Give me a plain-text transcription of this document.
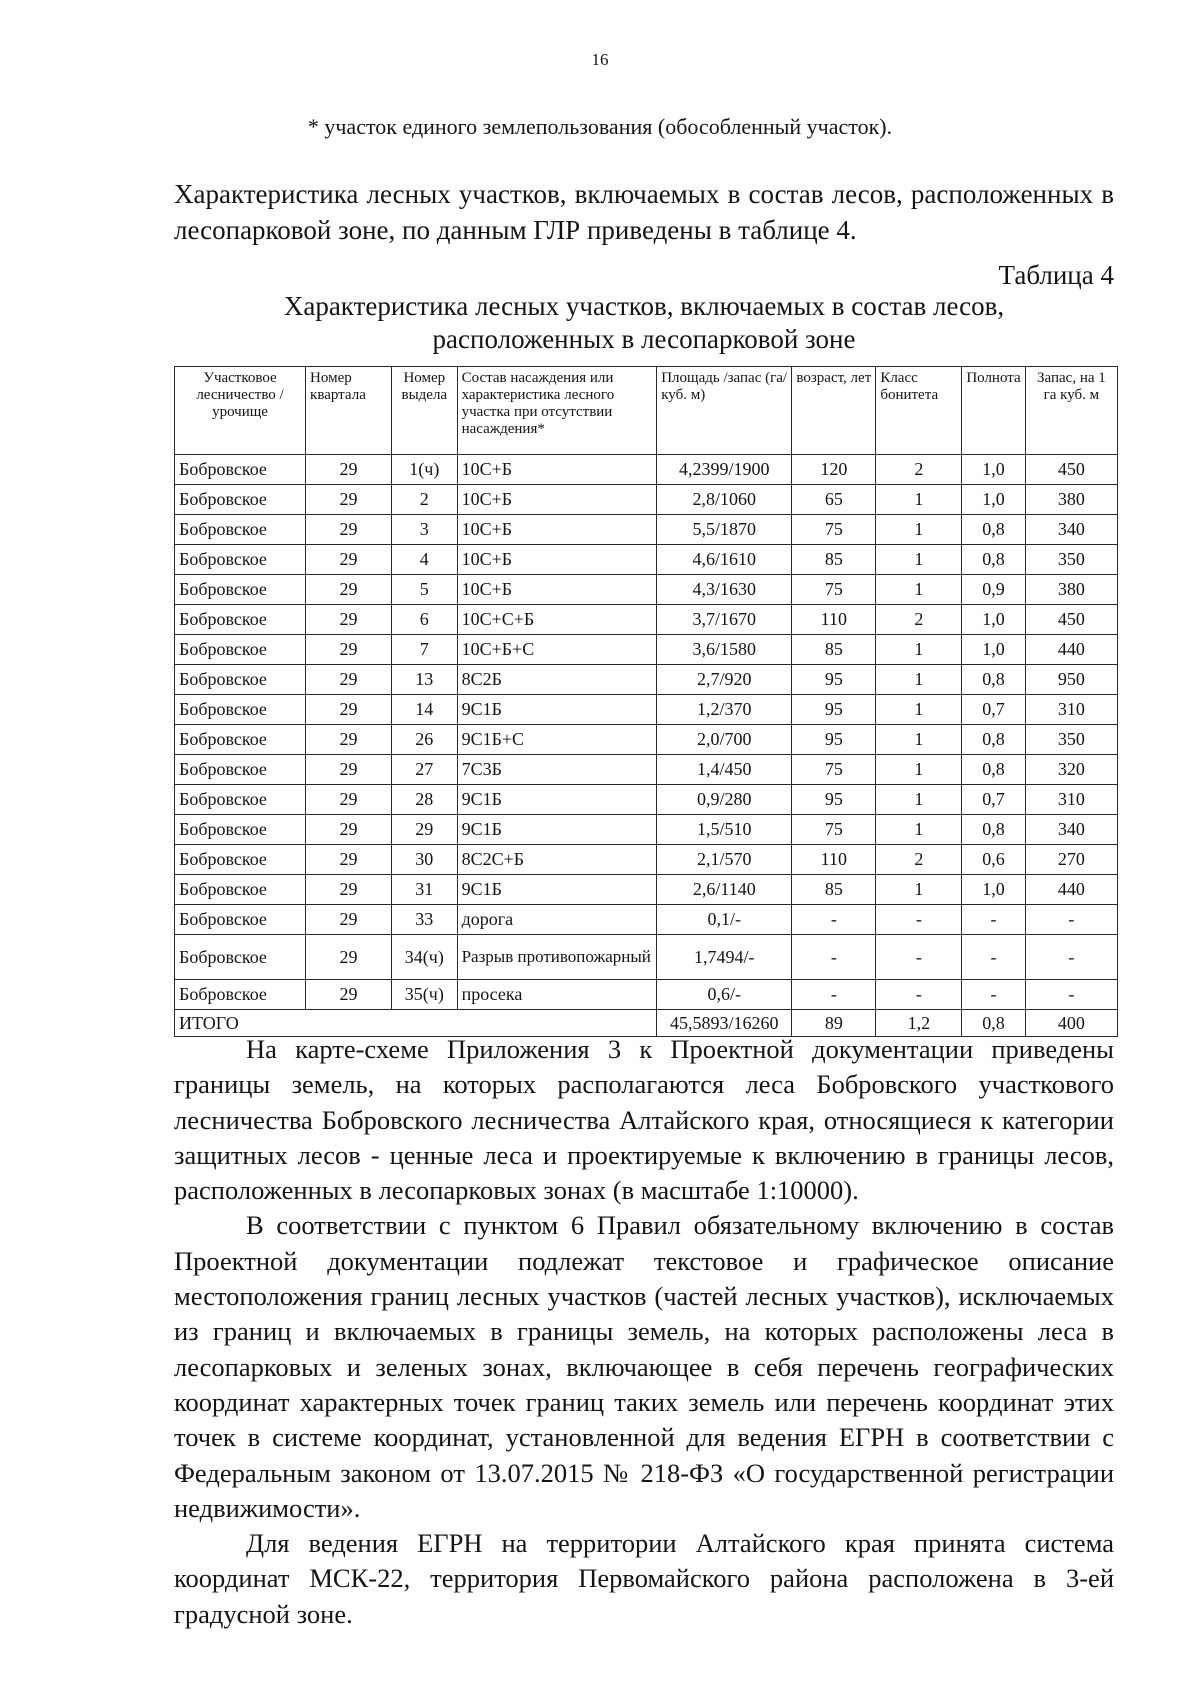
16
* участок единого землепользования (обособленный участок).
Характеристика лесных участков, включаемых в состав лесов, расположенных в лесопарковой зоне, по данным ГЛР приведены в таблице 4.
Таблица 4
Характеристика лесных участков, включаемых в состав лесов,
расположенных в лесопарковой зоне
Участковое лесничество /урочище	Номер квартала	Номер выдела	Состав насаждения или характеристика лесного участка при отсутствии насаждения*	Площадь /запас (га/ куб. м)	возраст, лет	Класс бонитета	Полнота	Запас, на 1 га куб. м
Бобровское	29	1(ч)	10С+Б	4,2399/1900	120	2	1,0	450
Бобровское	29	2	10С+Б	2,8/1060	65	1	1,0	380
Бобровское	29	3	10С+Б	5,5/1870	75	1	0,8	340
Бобровское	29	4	10С+Б	4,6/1610	85	1	0,8	350
Бобровское	29	5	10С+Б	4,3/1630	75	1	0,9	380
Бобровское	29	6	10С+С+Б	3,7/1670	110	2	1,0	450
Бобровское	29	7	10С+Б+С	3,6/1580	85	1	1,0	440
Бобровское	29	13	8С2Б	2,7/920	95	1	0,8	950
Бобровское	29	14	9С1Б	1,2/370	95	1	0,7	310
Бобровское	29	26	9С1Б+С	2,0/700	95	1	0,8	350
Бобровское	29	27	7С3Б	1,4/450	75	1	0,8	320
Бобровское	29	28	9С1Б	0,9/280	95	1	0,7	310
Бобровское	29	29	9С1Б	1,5/510	75	1	0,8	340
Бобровское	29	30	8С2С+Б	2,1/570	110	2	0,6	270
Бобровское	29	31	9С1Б	2,6/1140	85	1	1,0	440
Бобровское	29	33	дорога	0,1/-	-	-	-	-
Бобровское	29	34(ч)	Разрыв противопожарный	1,7494/-	-	-	-	-
Бобровское	29	35(ч)	просека	0,6/-	-	-	-	-
ИТОГО				45,5893/16260	89	1,2	0,8	400

На карте-схеме Приложения 3 к Проектной документации приведены границы земель, на которых располагаются леса Бобровского участкового лесничества Бобровского лесничества Алтайского края, относящиеся к категории защитных лесов - ценные леса и проектируемые к включению в границы лесов, расположенных в лесопарковых зонах (в масштабе 1:10000).

В соответствии с пунктом 6 Правил обязательному включению в состав Проектной документации подлежат текстовое и графическое описание местоположения границ лесных участков (частей лесных участков), исключаемых из границ и включаемых в границы земель, на которых расположены леса в лесопарковых и зеленых зонах, включающее в себя перечень географических координат характерных точек границ таких земель или перечень координат этих точек в системе координат, установленной для ведения ЕГРН в соответствии с Федеральным законом от 13.07.2015 № 218-ФЗ «О государственной регистрации недвижимости».

Для ведения ЕГРН на территории Алтайского края принята система координат МСК-22, территория Первомайского района расположена в 3-ей градусной зоне.
